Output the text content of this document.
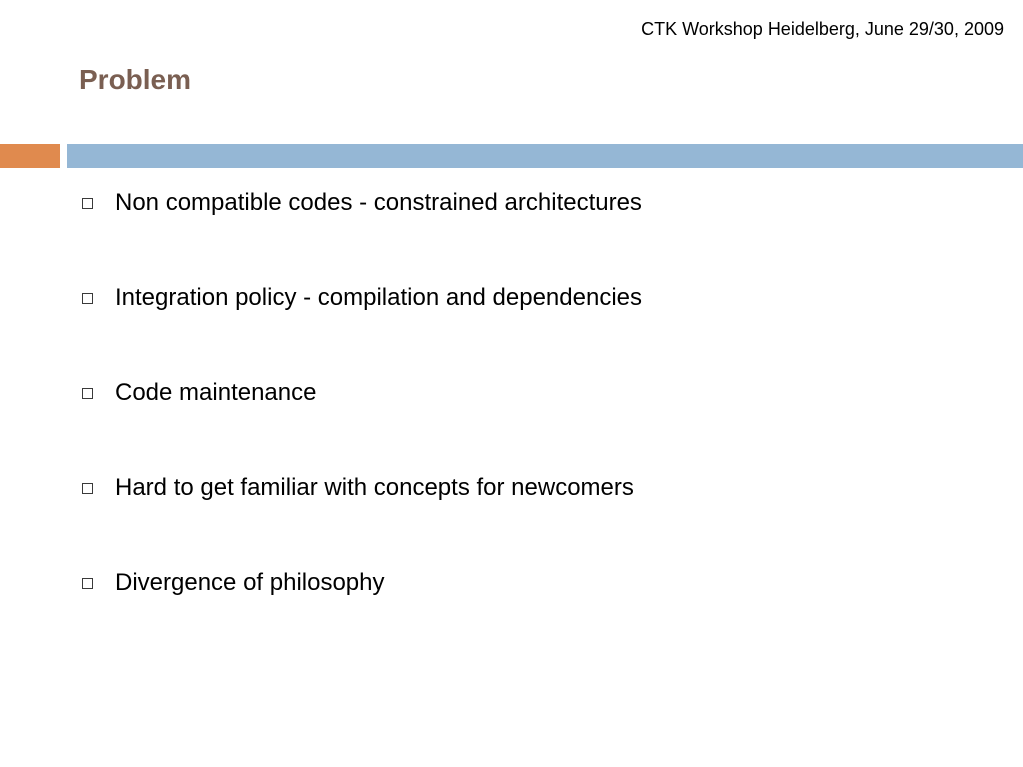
CTK Workshop Heidelberg, June 29/30, 2009
Problem
Non compatible codes - constrained architectures
Integration policy - compilation and dependencies
Code maintenance
Hard to get familiar with concepts for newcomers
Divergence of philosophy
